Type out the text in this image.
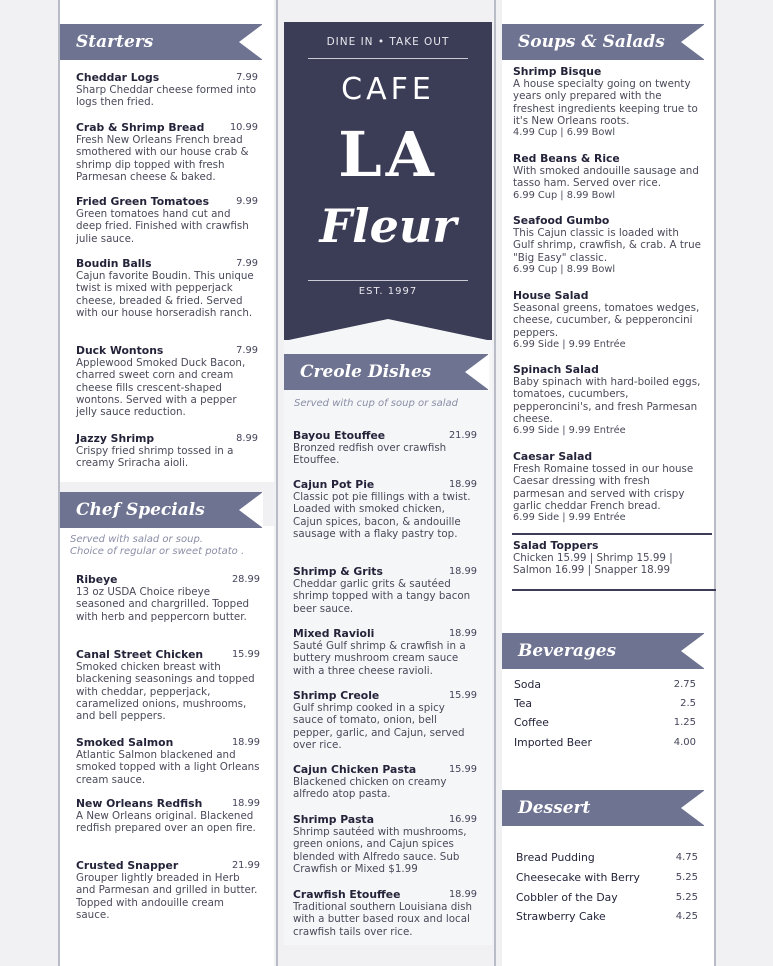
DINE IN • TAKE OUT
CAFE
LA
Fleur
EST. 1997
Starters
Chef Specials
Creole Dishes
Soups & Salads
Beverages
Dessert
Served with salad or soup.
Choice of regular or sweet potato .
Served with cup of soup or salad
Cheddar Logs	7.99
Sharp Cheddar cheese formed into logs then fried.
Crab & Shrimp Bread	10.99
Fresh New Orleans French bread smothered with our house crab & shrimp dip topped with fresh Parmesan cheese & baked.
Fried Green Tomatoes	9.99
Green tomatoes hand cut and deep fried. Finished with crawfish julie sauce.
Boudin Balls	7.99
Cajun favorite Boudin. This unique twist is mixed with pepperjack cheese, breaded & fried. Served with our house horseradish ranch.
Duck Wontons	7.99
Applewood Smoked Duck Bacon, charred sweet corn and cream cheese fills crescent-shaped wontons. Served with a pepper jelly sauce reduction.
Jazzy Shrimp	8.99
Crispy fried shrimp tossed in a creamy Sriracha aioli.
Ribeye	28.99
13 oz USDA Choice ribeye seasoned and chargrilled. Topped with herb and peppercorn butter.
Canal Street Chicken	15.99
Smoked chicken breast with blackening seasonings and topped with cheddar, pepperjack, caramelized onions, mushrooms, and bell peppers.
Smoked Salmon	18.99
Atlantic Salmon blackened and smoked topped with a light Orleans cream sauce.
New Orleans Redfish	18.99
A New Orleans original. Blackened redfish prepared over an open fire.
Crusted Snapper	21.99
Grouper lightly breaded in Herb and Parmesan and grilled in butter. Topped with andouille cream sauce.
Bayou Etouffee	21.99
Bronzed redfish over crawfish Etouffee.
Cajun Pot Pie	18.99
Classic pot pie fillings with a twist. Loaded with smoked chicken, Cajun spices, bacon, & andouille sausage with a flaky pastry top.
Shrimp & Grits	18.99
Cheddar garlic grits & sautéed shrimp topped with a tangy bacon beer sauce.
Mixed Ravioli	18.99
Sauté Gulf shrimp & crawfish in a buttery mushroom cream sauce with a three cheese ravioli.
Shrimp Creole	15.99
Gulf shrimp cooked in a spicy sauce of tomato, onion, bell pepper, garlic, and Cajun, served over rice.
Cajun Chicken Pasta	15.99
Blackened chicken on creamy alfredo atop pasta.
Shrimp Pasta	16.99
Shrimp sautéed with mushrooms, green onions, and Cajun spices blended with Alfredo sauce. Sub Crawfish or Mixed $1.99
Crawfish Etouffee	18.99
Traditional southern Louisiana dish with a butter based roux and local crawfish tails over rice.
Shrimp Bisque
A house specialty going on twenty years only prepared with the freshest ingredients keeping true to it's New Orleans roots.
4.99 Cup | 6.99 Bowl
Red Beans & Rice
With smoked andouille sausage and tasso ham. Served over rice.
6.99 Cup | 8.99 Bowl
Seafood Gumbo
This Cajun classic is loaded with Gulf shrimp, crawfish, & crab. A true "Big Easy" classic.
6.99 Cup | 8.99 Bowl
House Salad
Seasonal greens, tomatoes wedges, cheese, cucumber, & pepperoncini peppers.
6.99 Side | 9.99 Entrée
Spinach Salad
Baby spinach with hard-boiled eggs, tomatoes, cucumbers, pepperoncini's, and fresh Parmesan cheese.
6.99 Side | 9.99 Entrée
Caesar Salad
Fresh Romaine tossed in our house Caesar dressing with fresh parmesan and served with crispy garlic cheddar French bread.
6.99 Side | 9.99 Entrée
Salad Toppers
Chicken 15.99 | Shrimp 15.99 | Salmon 16.99 | Snapper 18.99
Soda	2.75
Tea	2.5
Coffee	1.25
Imported Beer	4.00
Bread Pudding	4.75
Cheesecake with Berry	5.25
Cobbler of the Day	5.25
Strawberry Cake	4.25
